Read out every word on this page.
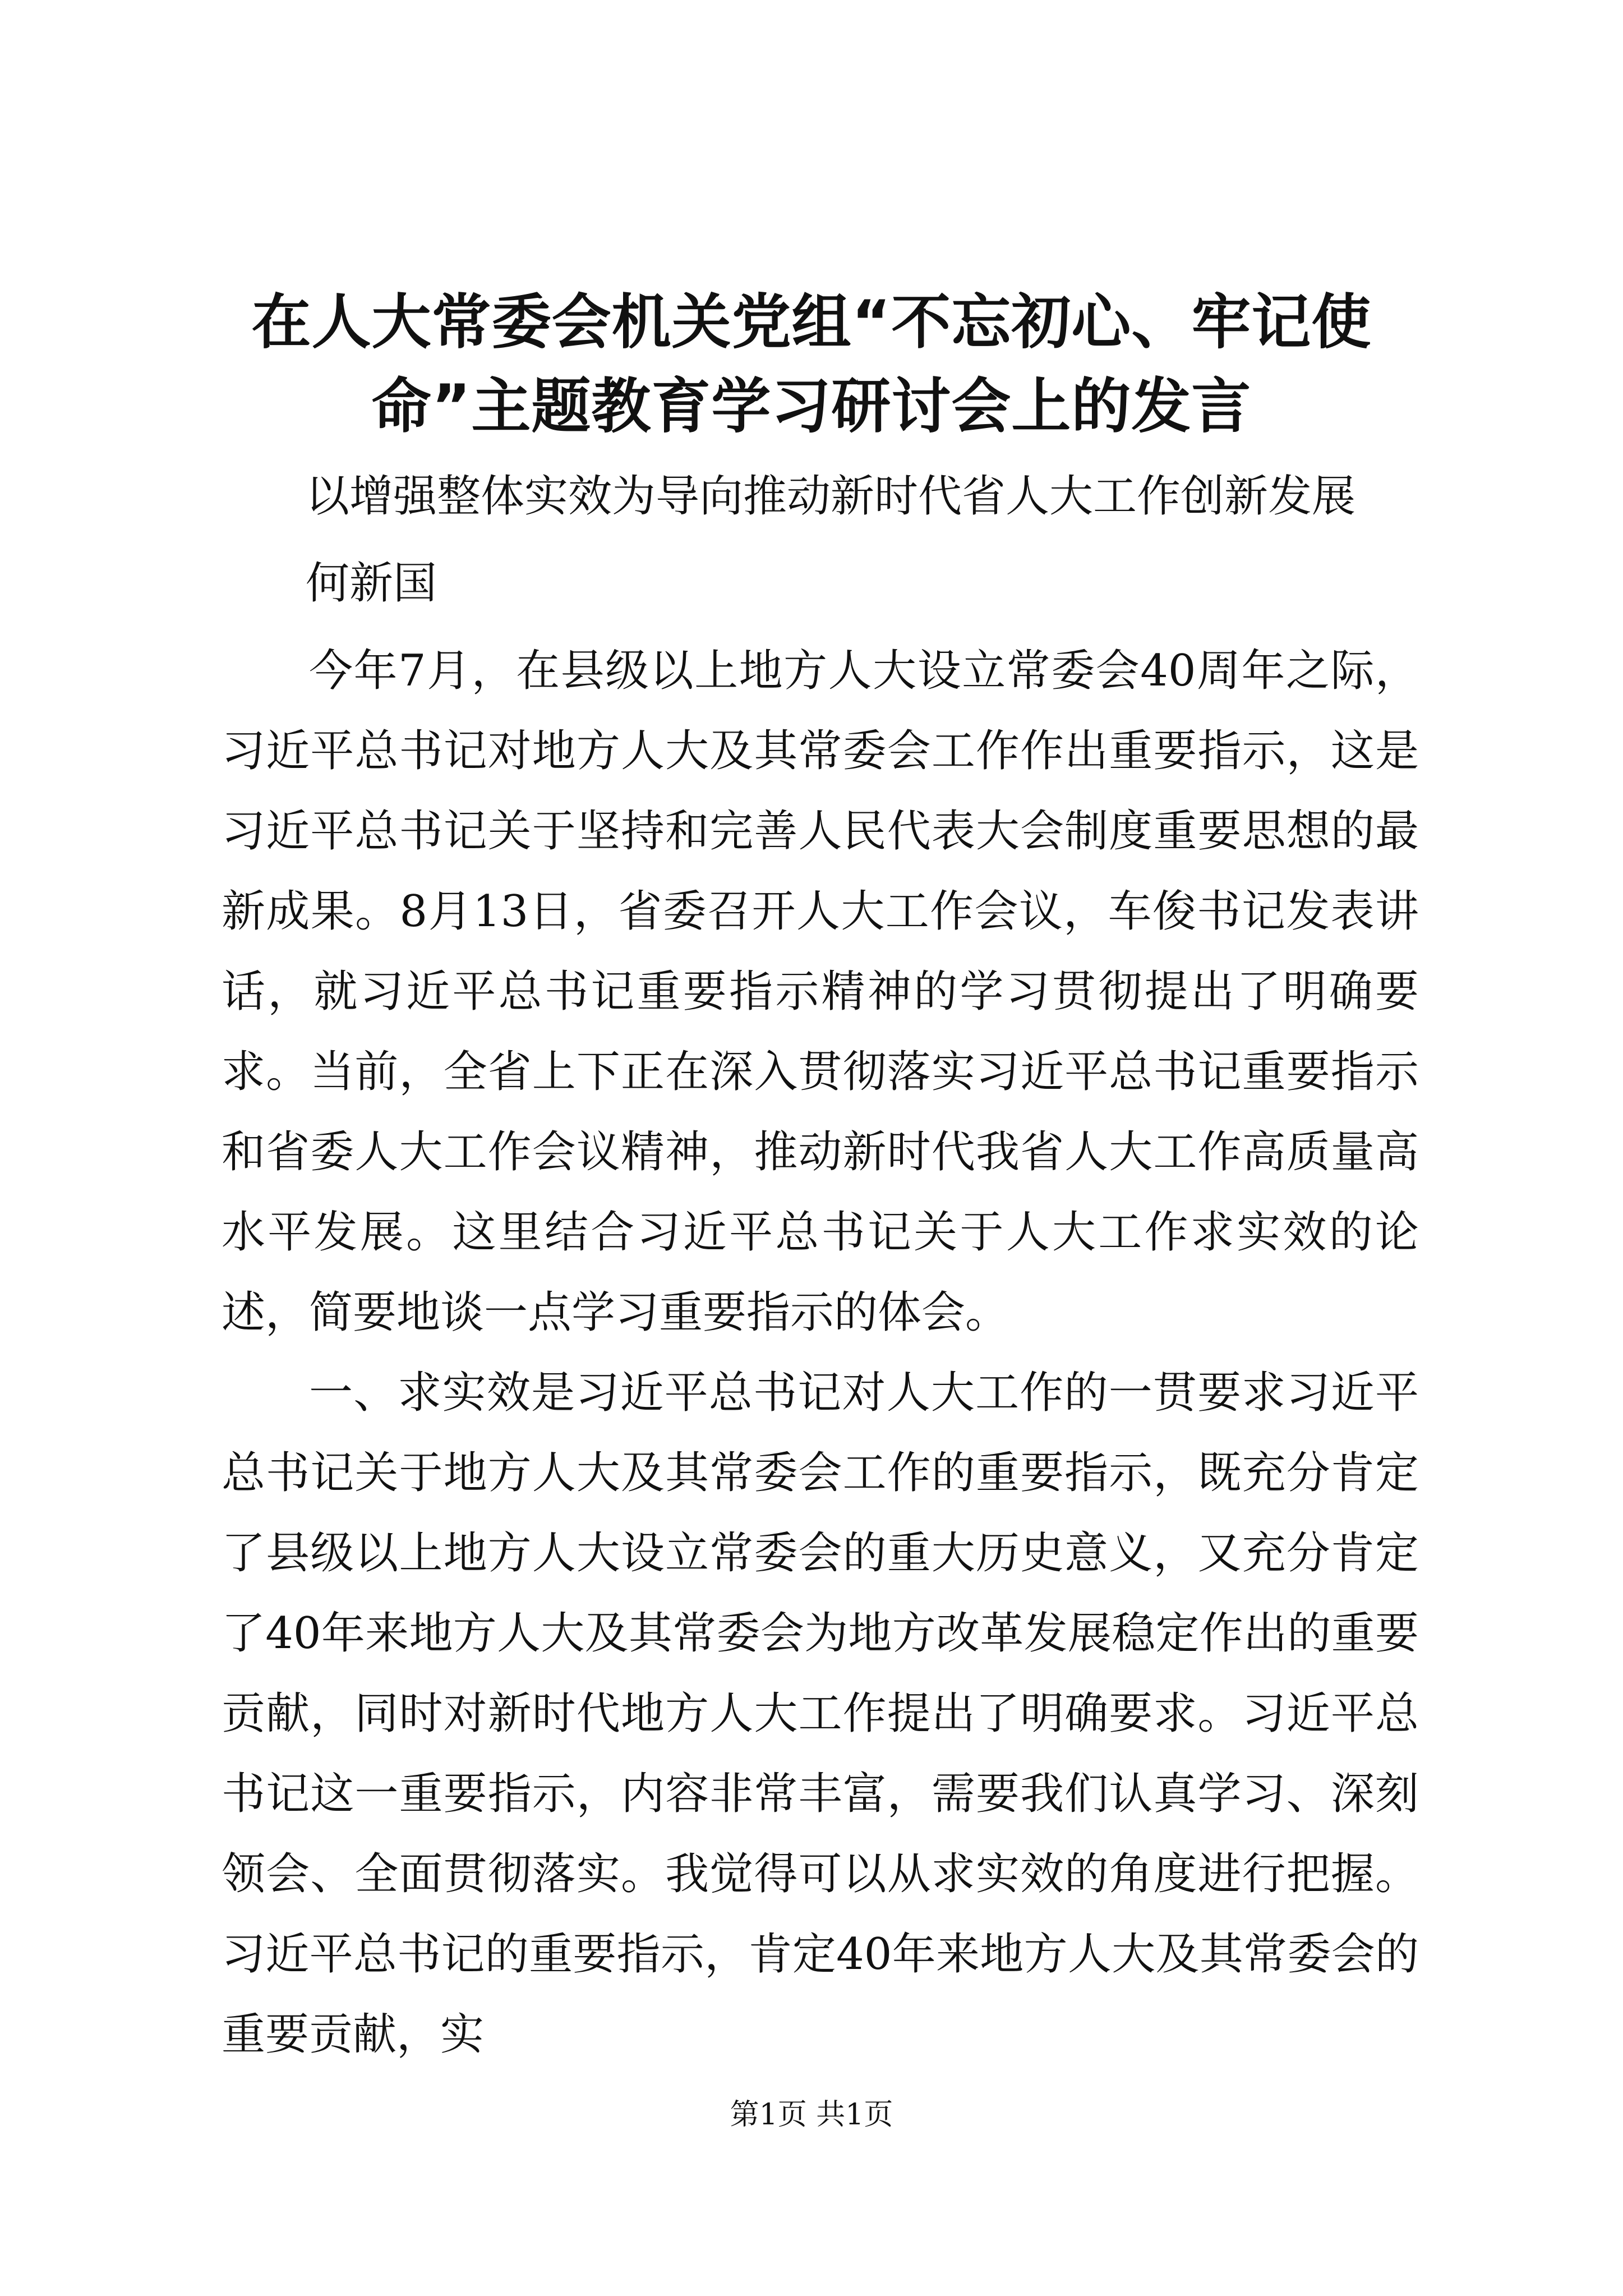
在人大常委会机关党组“不忘初心、牢记使命”主题教育学习研讨会上的发言

以增强整体实效为导向推动新时代省人大工作创新发展

何新国

今年7月，在县级以上地方人大设立常委会40周年之际，习近平总书记对地方人大及其常委会工作作出重要指示，这是习近平总书记关于坚持和完善人民代表大会制度重要思想的最新成果。8月13日，省委召开人大工作会议，车俊书记发表讲话，就习近平总书记重要指示精神的学习贯彻提出了明确要求。当前，全省上下正在深入贯彻落实习近平总书记重要指示和省委人大工作会议精神，推动新时代我省人大工作高质量高水平发展。这里结合习近平总书记关于人大工作求实效的论述，简要地谈一点学习重要指示的体会。

一、求实效是习近平总书记对人大工作的一贯要求习近平总书记关于地方人大及其常委会工作的重要指示，既充分肯定了县级以上地方人大设立常委会的重大历史意义，又充分肯定了40年来地方人大及其常委会为地方改革发展稳定作出的重要贡献，同时对新时代地方人大工作提出了明确要求。习近平总书记这一重要指示，内容非常丰富，需要我们认真学习、深刻领会、全面贯彻落实。我觉得可以从求实效的角度进行把握。习近平总书记的重要指示，肯定40年来地方人大及其常委会的重要贡献，实

第1页 共1页
